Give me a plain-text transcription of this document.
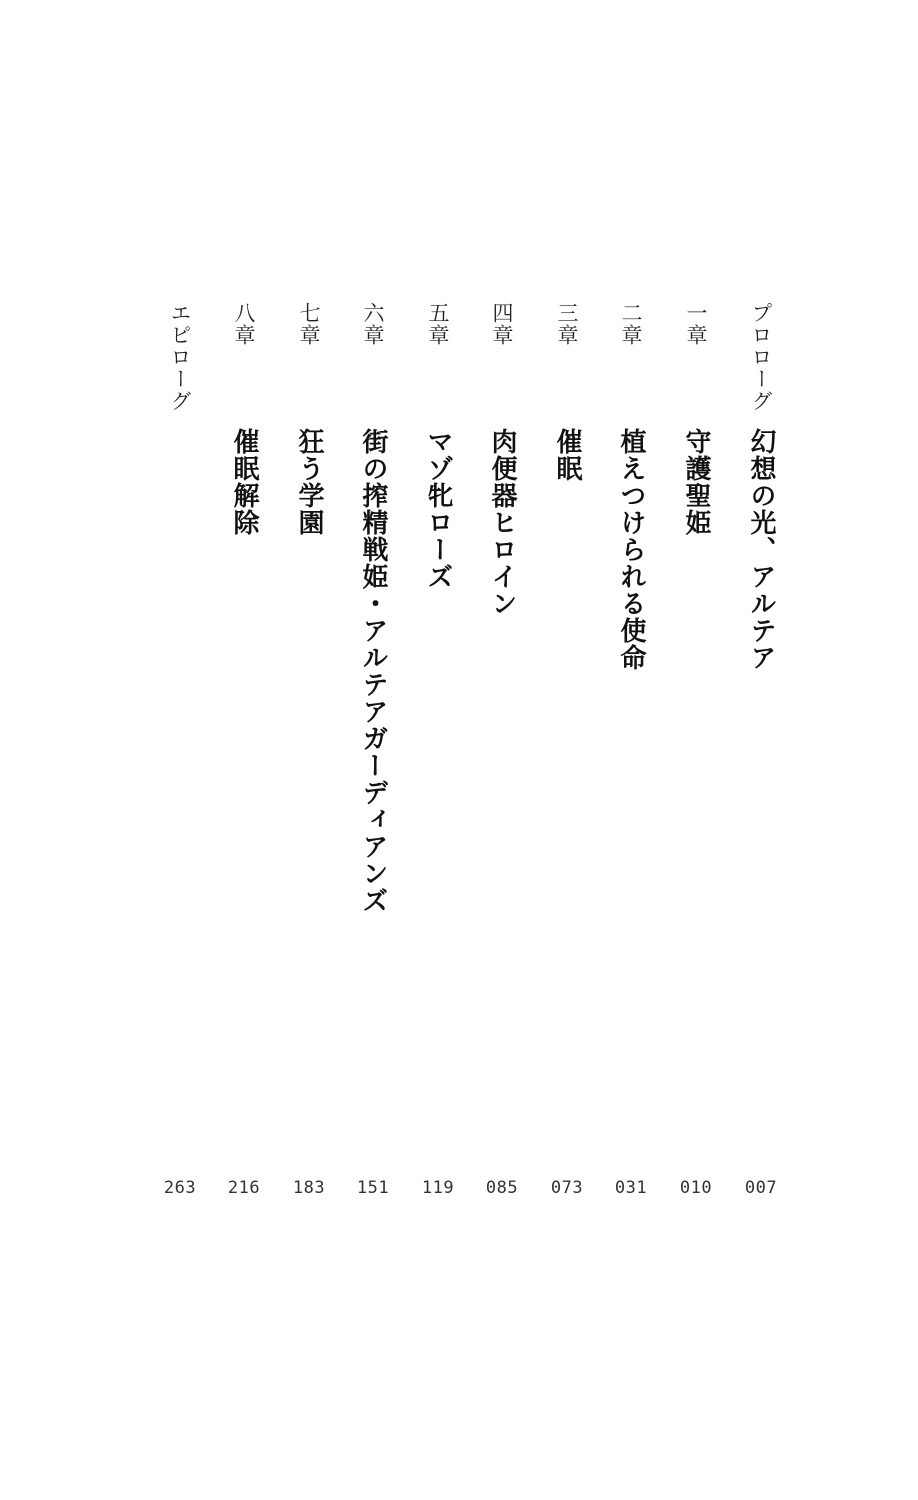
プロローグ
幻想の光、アルテア
007
一章
守護聖姫
010
二章
植えつけられる使命
031
三章
催眠
073
四章
肉便器ヒロイン
085
五章
マゾ牝ローズ
119
六章
街の搾精戦姫・アルテアガーディアンズ
151
七章
狂う学園
183
八章
催眠解除
216
エピローグ
263
